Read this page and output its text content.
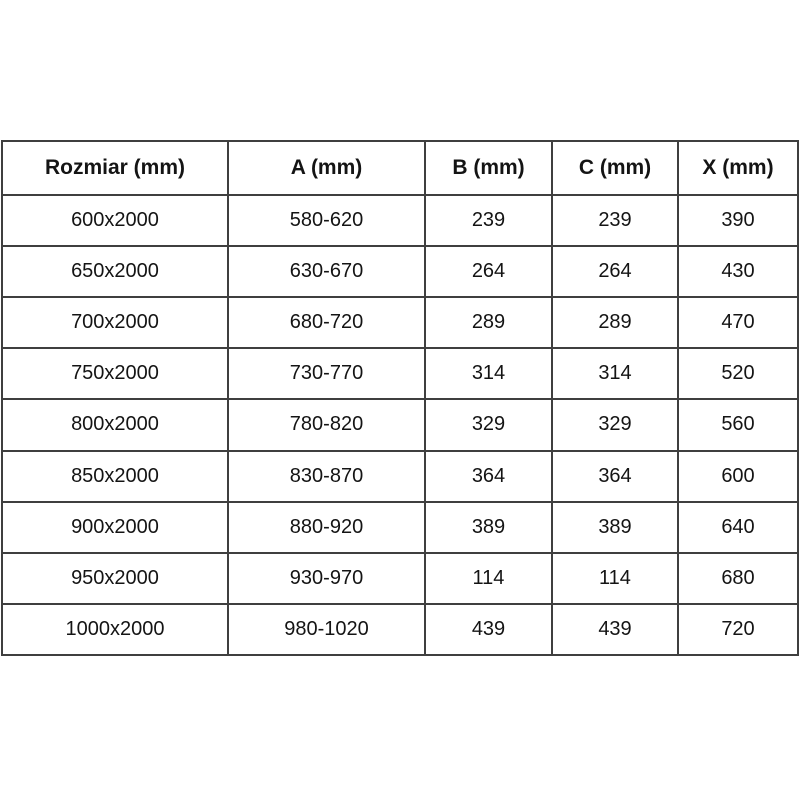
Rozmiar (mm)	A (mm)	B (mm)	C (mm)	X (mm)
600x2000	580-620	239	239	390
650x2000	630-670	264	264	430
700x2000	680-720	289	289	470
750x2000	730-770	314	314	520
800x2000	780-820	329	329	560
850x2000	830-870	364	364	600
900x2000	880-920	389	389	640
950x2000	930-970	114	114	680
1000x2000	980-1020	439	439	720
